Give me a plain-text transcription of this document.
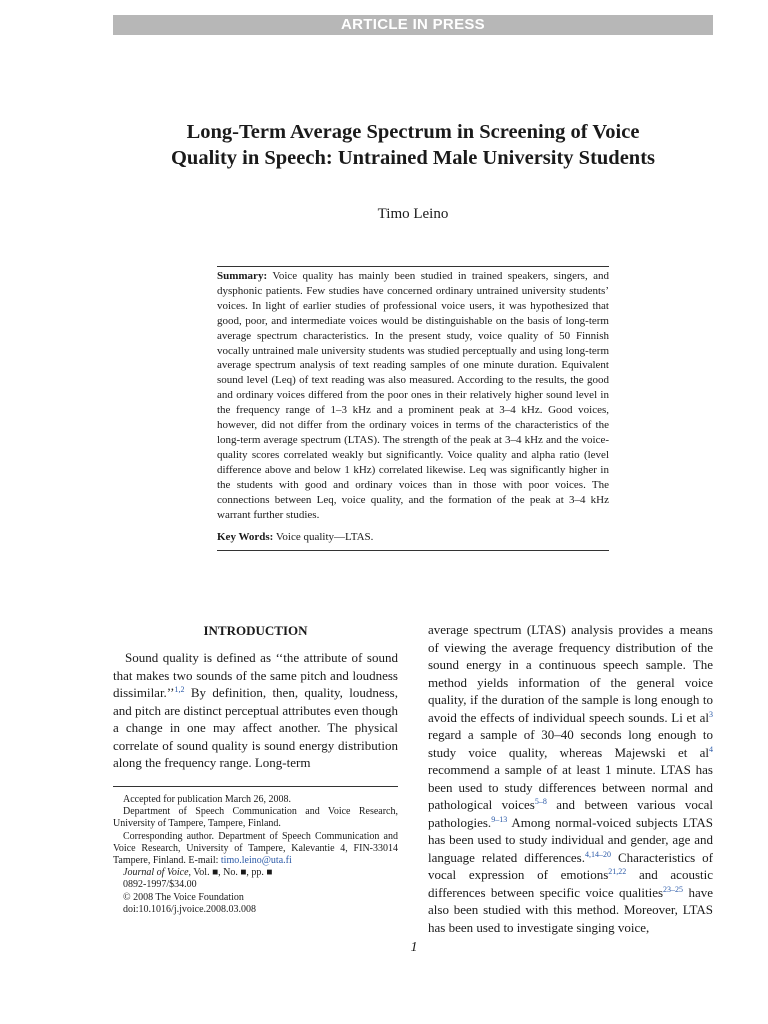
ARTICLE IN PRESS
Long-Term Average Spectrum in Screening of Voice
Quality in Speech: Untrained Male University Students
Timo Leino

Summary: Voice quality has mainly been studied in trained speakers, singers, and dysphonic patients. Few studies have concerned ordinary untrained university students’ voices. In light of earlier studies of professional voice users, it was hypothesized that good, poor, and intermediate voices would be distinguishable on the basis of long-term average spectrum characteristics. In the present study, voice quality of 50 Finnish vocally untrained male university students was studied perceptually and using long-term average spectrum analysis of text reading samples of one minute duration. Equivalent sound level (Leq) of text reading was also measured. According to the results, the good and ordinary voices differed from the poor ones in their relatively higher sound level in the frequency range of 1–3 kHz and a prominent peak at 3–4 kHz. Good voices, however, did not differ from the ordinary voices in terms of the characteristics of the long-term average spectrum (LTAS). The strength of the peak at 3–4 kHz and the voice-quality scores correlated weakly but significantly. Voice quality and alpha ratio (level difference above and below 1 kHz) correlated likewise. Leq was significantly higher in the students with good and ordinary voices than in those with poor voices. The connections between Leq, voice quality, and the formation of the peak at 3–4 kHz warrant further studies.

Key Words: Voice quality—LTAS.

INTRODUCTION

Sound quality is defined as ‘‘the attribute of sound that makes two sounds of the same pitch and loudness dissimilar.’’$^{1,2}$ By definition, then, quality, loudness, and pitch are distinct perceptual attributes even though a change in one may affect another. The physical correlate of sound quality is sound energy distribution along the frequency range. Long-term

average spectrum (LTAS) analysis provides a means of viewing the average frequency distribution of the sound energy in a continuous speech sample. The method yields information of the general voice quality, if the duration of the sample is long enough to avoid the effects of individual speech sounds. Li et $al^3$ regard a sample of 30–40 seconds long enough to study voice quality, whereas Majewski et $al^4$ recommend a sample of at least 1 minute. LTAS has been used to study differences between normal and pathological voices$^{5-8}$ and between various vocal pathologies.$^{9-13}$ Among normal-voiced subjects LTAS has been used to study individual and gender, age and language related differences.$^{4,14-20}$ Characteristics of vocal expression of emotions$^{21,22}$ and acoustic differences between specific voice qualities$^{23-25}$ have also been studied with this method. Moreover, LTAS has been used to investigate singing voice,

Accepted for publication March 26, 2008.
Department of Speech Communication and Voice Research, University of Tampere, Tampere, Finland.
Corresponding author. Department of Speech Communication and Voice Research, University of Tampere, Kalevantie 4, FIN-33014 Tampere, Finland. E-mail: timo.leino@uta.fi
Journal of Voice, Vol. ■, No. ■, pp. ■
0892-1997/$34.00
© 2008 The Voice Foundation
doi:10.1016/j.jvoice.2008.03.008
1
